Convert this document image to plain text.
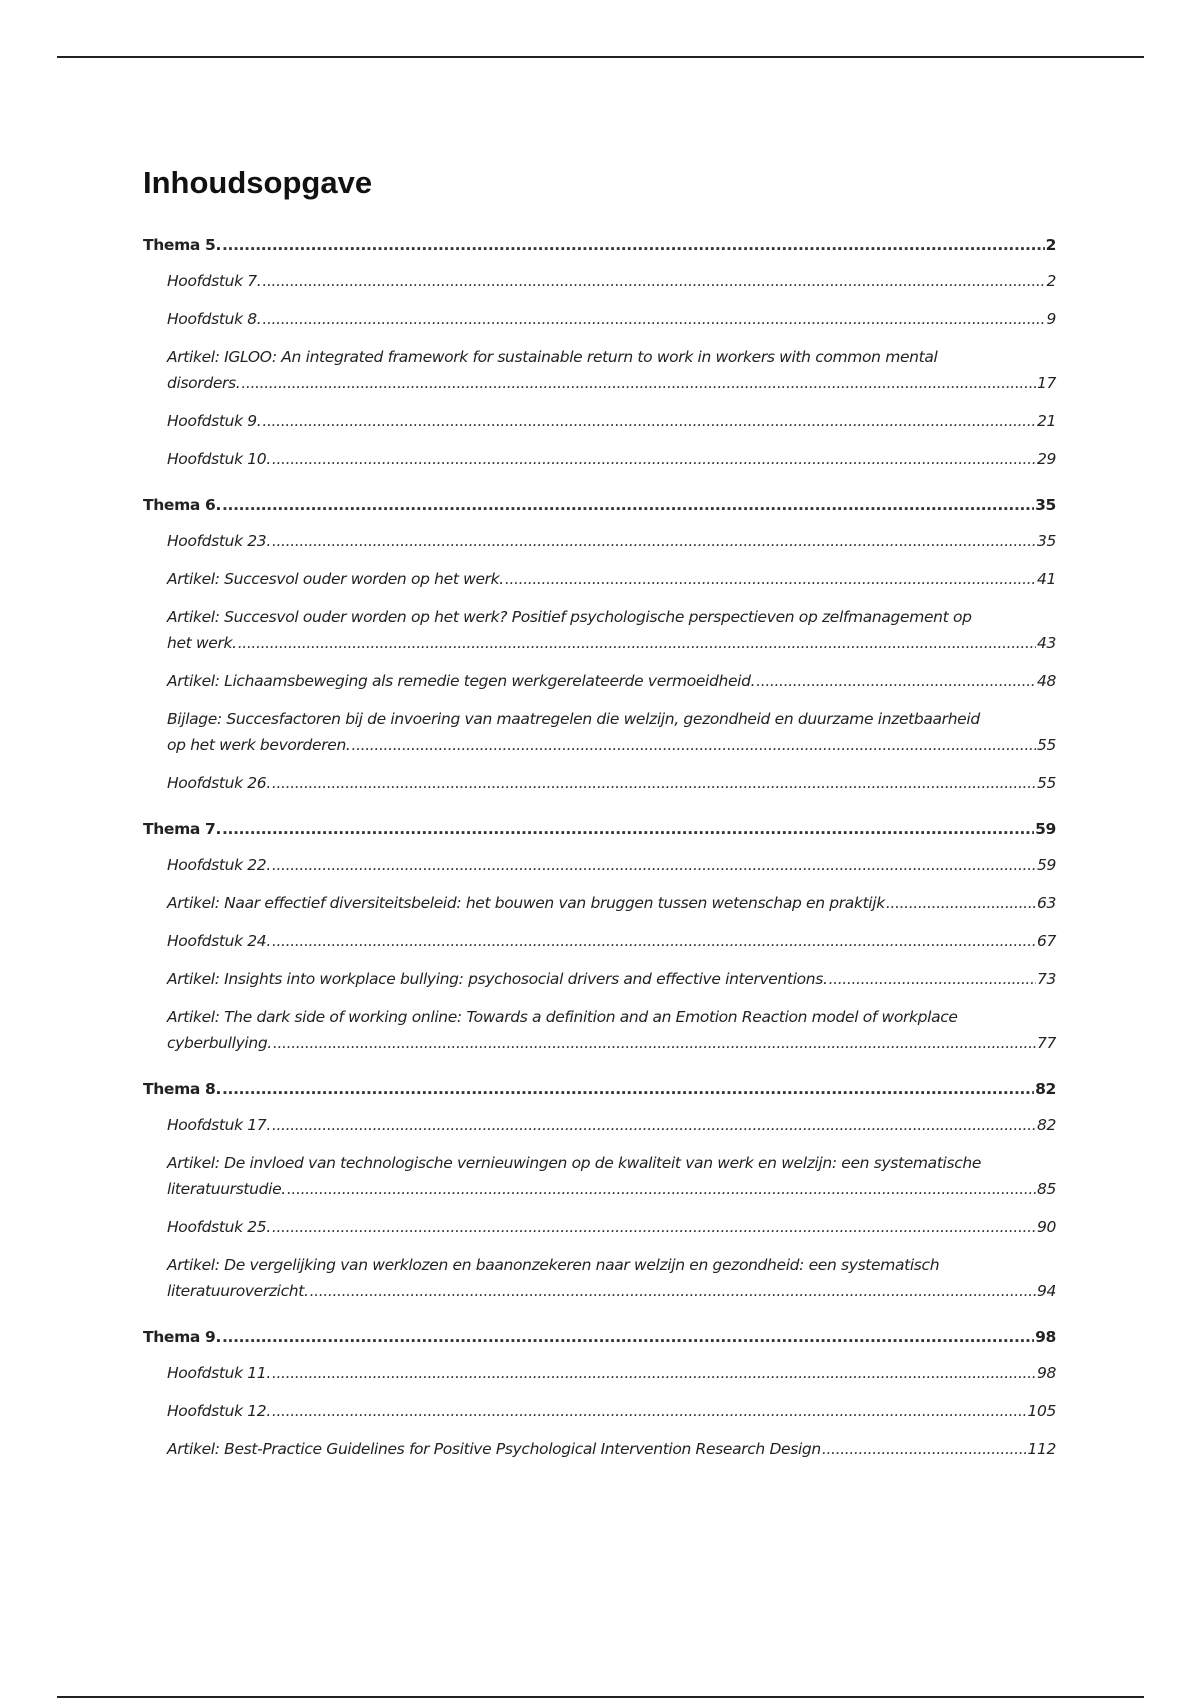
Inhoudsopgave
Thema 5. .....	2
Hoofdstuk 7. .....	2
Hoofdstuk 8. .....	9
Artikel: IGLOO: An integrated framework for sustainable return to work in workers with common mental
disorders. .....	17
Hoofdstuk 9. .....	21
Hoofdstuk 10. .....	29
Thema 6. .....	35
Hoofdstuk 23. .....	35
Artikel: Succesvol ouder worden op het werk. .....	41
Artikel: Succesvol ouder worden op het werk? Positief psychologische perspectieven op zelfmanagement op
het werk. .....	43
Artikel: Lichaamsbeweging als remedie tegen werkgerelateerde vermoeidheid. .....	48
Bijlage: Succesfactoren bij de invoering van maatregelen die welzijn, gezondheid en duurzame inzetbaarheid
op het werk bevorderen. .....	55
Hoofdstuk 26. .....	55
Thema 7. .....	59
Hoofdstuk 22. .....	59
Artikel: Naar effectief diversiteitsbeleid: het bouwen van bruggen tussen wetenschap en praktijk .....	63
Hoofdstuk 24. .....	67
Artikel: Insights into workplace bullying: psychosocial drivers and effective interventions. .....	73
Artikel: The dark side of working online: Towards a definition and an Emotion Reaction model of workplace
cyberbullying. .....	77
Thema 8. .....	82
Hoofdstuk 17. .....	82
Artikel: De invloed van technologische vernieuwingen op de kwaliteit van werk en welzijn: een systematische
literatuurstudie. .....	85
Hoofdstuk 25. .....	90
Artikel: De vergelijking van werklozen en baanonzekeren naar welzijn en gezondheid: een systematisch
literatuuroverzicht. .....	94
Thema 9. .....	98
Hoofdstuk 11. .....	98
Hoofdstuk 12. .....	105
Artikel: Best-Practice Guidelines for Positive Psychological Intervention Research Design .....	112
